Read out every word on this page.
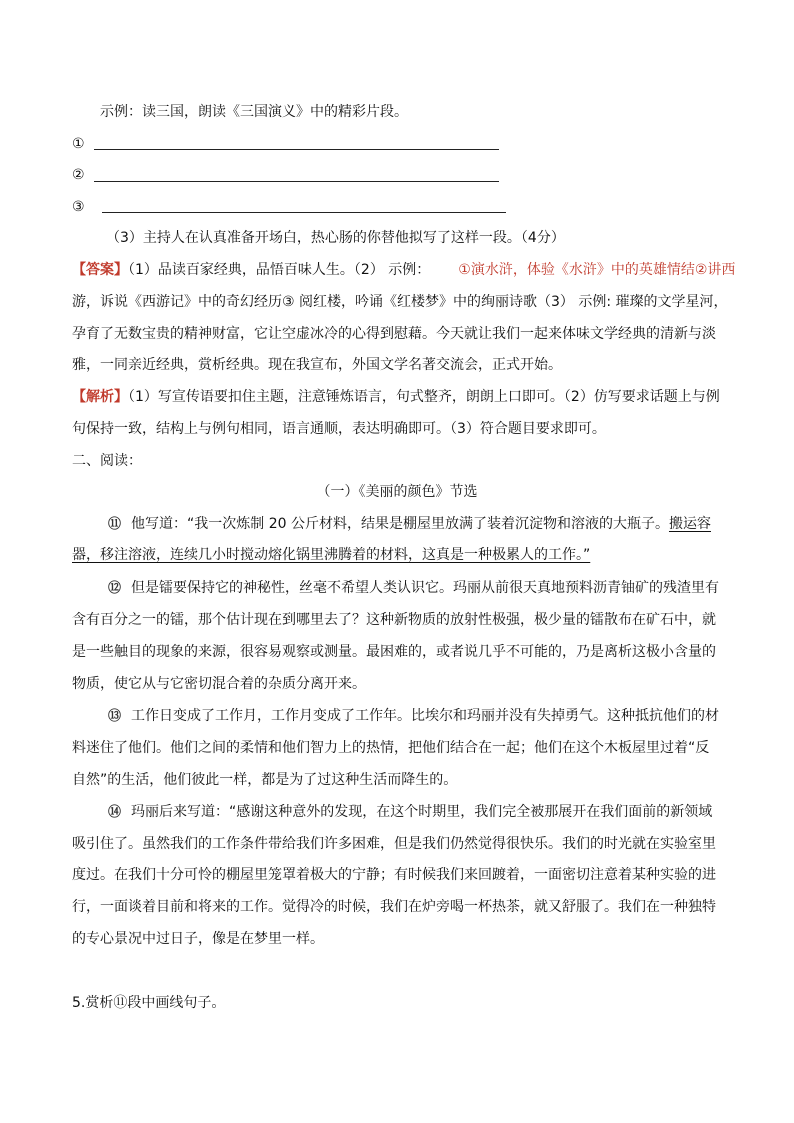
示例：读三国，朗读《三国演义》中的精彩片段。
①
②
③
（3）主持人在认真准备开场白，热心肠的你替他拟写了这样一段。（4分）
【答案】（1）品读百家经典，品悟百味人生。（2） 示例： ①演水浒，体验《水浒》中的英雄情结②讲西
游，诉说《西游记》中的奇幻经历③ 阅红楼，吟诵《红楼梦》中的绚丽诗歌（3） 示例: 璀璨的文学星河，
孕育了无数宝贵的精神财富，它让空虚冰冷的心得到慰藉。今天就让我们一起来体味文学经典的清新与淡
雅，一同亲近经典，赏析经典。现在我宣布，外国文学名著交流会，正式开始。
【解析】（1）写宣传语要扣住主题，注意锤炼语言，句式整齐，朗朗上口即可。（2）仿写要求话题上与例
句保持一致，结构上与例句相同，语言通顺，表达明确即可。（3）符合题目要求即可。
二、阅读：
（一）《美丽的颜色》节选
⑪ 他写道：“我一次炼制 20 公斤材料，结果是棚屋里放满了装着沉淀物和溶液的大瓶子。搬运容
器，移注溶液，连续几小时搅动熔化锅里沸腾着的材料，这真是一种极累人的工作。”
⑫ 但是镭要保持它的神秘性，丝毫不希望人类认识它。玛丽从前很天真地预料沥青铀矿的残渣里有
含有百分之一的镭，那个估计现在到哪里去了？这种新物质的放射性极强，极少量的镭散布在矿石中，就
是一些触目的现象的来源，很容易观察或测量。最困难的，或者说几乎不可能的，乃是离析这极小含量的
物质，使它从与它密切混合着的杂质分离开来。
⑬ 工作日变成了工作月，工作月变成了工作年。比埃尔和玛丽并没有失掉勇气。这种抵抗他们的材
料迷住了他们。他们之间的柔情和他们智力上的热情，把他们结合在一起；他们在这个木板屋里过着“反
自然”的生活，他们彼此一样，都是为了过这种生活而降生的。
⑭ 玛丽后来写道：“感谢这种意外的发现，在这个时期里，我们完全被那展开在我们面前的新领域
吸引住了。虽然我们的工作条件带给我们许多困难，但是我们仍然觉得很快乐。我们的时光就在实验室里
度过。在我们十分可怜的棚屋里笼罩着极大的宁静；有时候我们来回踱着，一面密切注意着某种实验的进
行，一面谈着目前和将来的工作。觉得冷的时候，我们在炉旁喝一杯热茶，就又舒服了。我们在一种独特
的专心景况中过日子，像是在梦里一样。
5.赏析⑪段中画线句子。
